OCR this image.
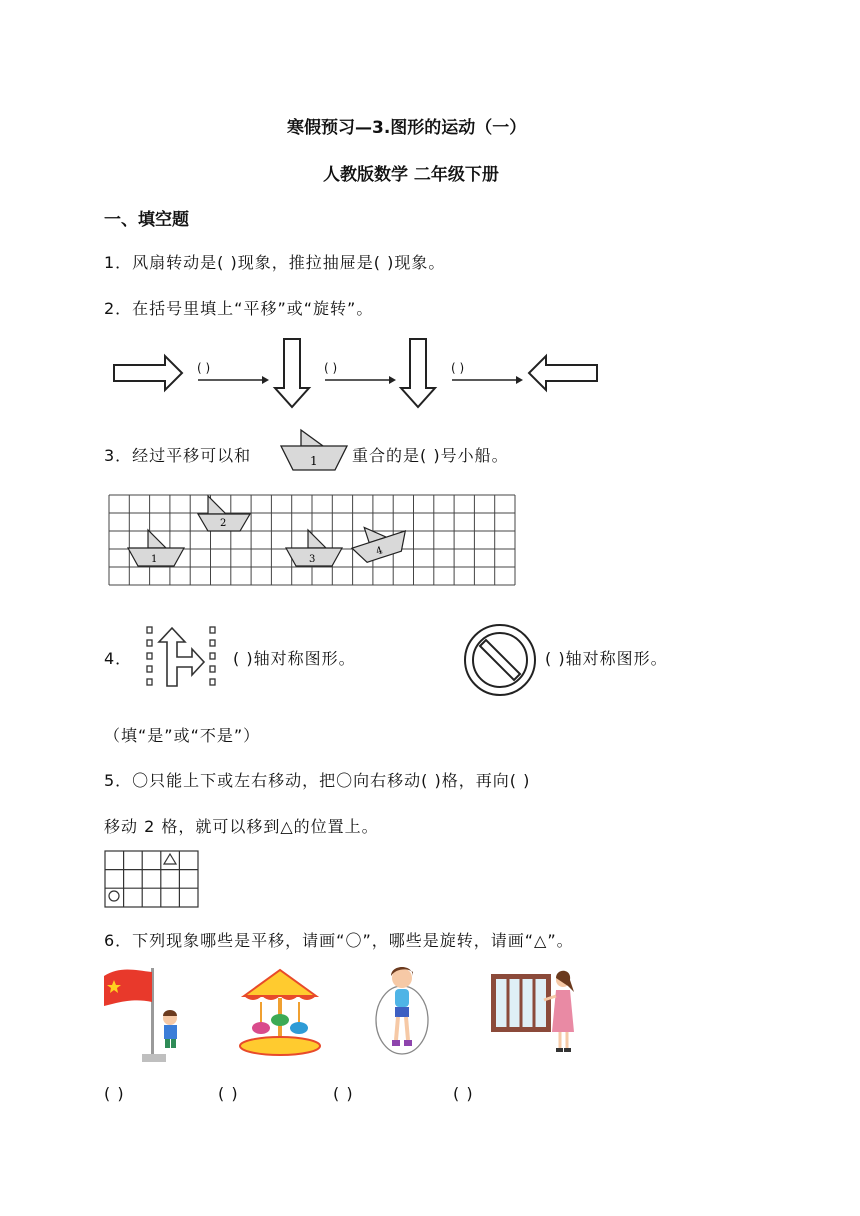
寒假预习—3.图形的运动（一）
人教版数学 二年级下册
一、填空题
1．风扇转动是( )现象，推拉抽屉是( )现象。
2．在括号里填上“平移”或“旋转”。
( )	( )	( )
3．经过平移可以和	1 重合的是( )号小船。
1
2
3
4
4．	( )轴对称图形。	( )轴对称图形。
（填“是”或“不是”）
5．〇只能上下或左右移动，把〇向右移动( )格，再向( )
移动 2 格，就可以移到△的位置上。
6．下列现象哪些是平移，请画“〇”，哪些是旋转，请画“△”。
( )	( )	( )	( )
